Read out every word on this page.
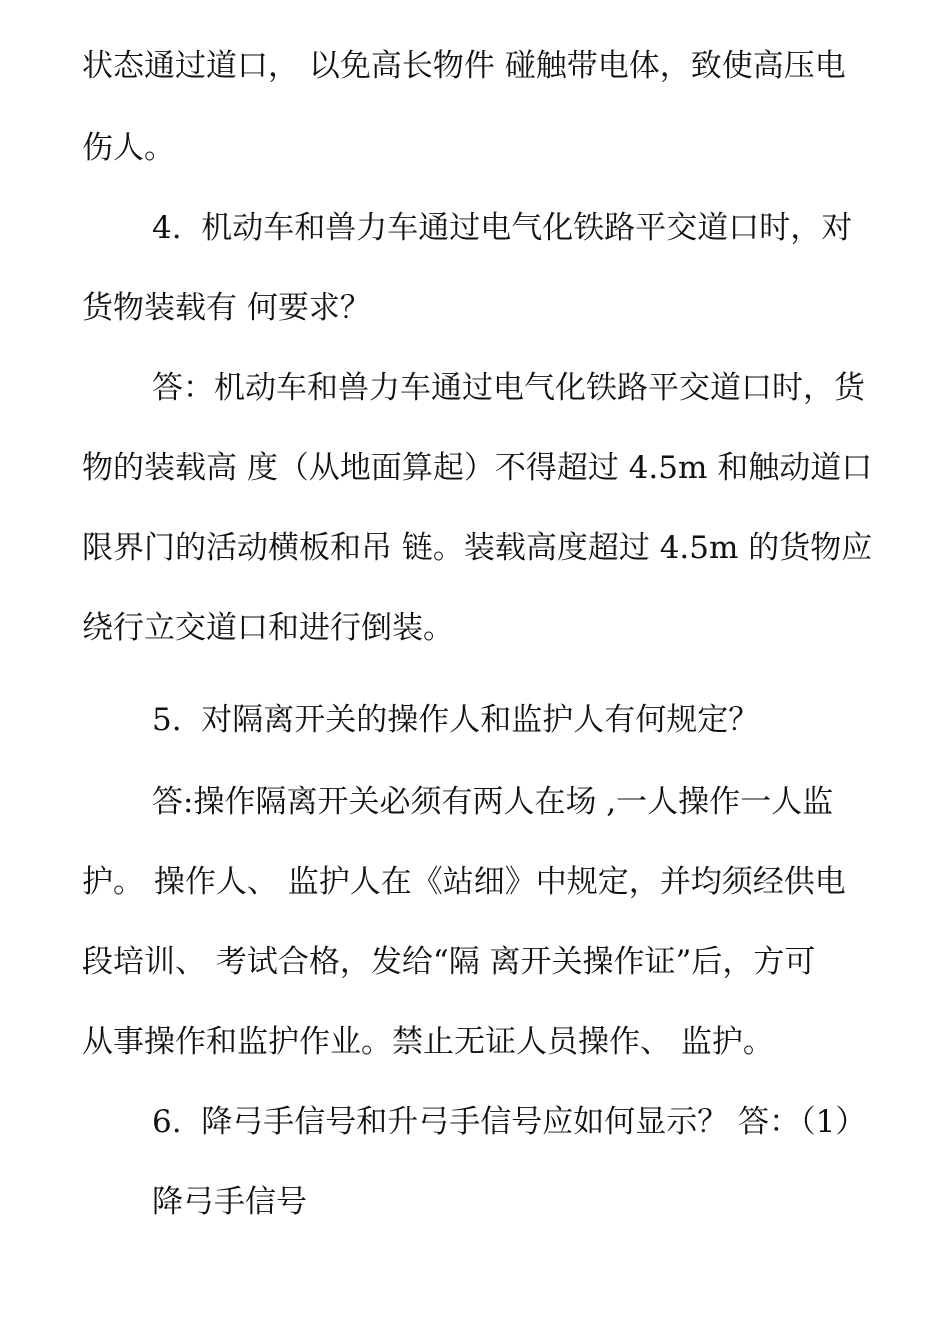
状态通过道口， 以免高长物件 碰触带电体，致使高压电
伤人。
4.  机动车和兽力车通过电气化铁路平交道口时，对
货物装载有 何要求？
答：机动车和兽力车通过电气化铁路平交道口时，货
物的装载高 度（从地面算起）不得超过 4.5m 和触动道口
限界门的活动横板和吊 链。装载高度超过 4.5m 的货物应
绕行立交道口和进行倒装。
5.  对隔离开关的操作人和监护人有何规定？
答:操作隔离开关必须有两人在场 ,一人操作一人监
护。 操作人、 监护人在《站细》中规定，并均须经供电
段培训、 考试合格，发给“隔 离开关操作证”后，方可
从事操作和监护作业。禁止无证人员操作、 监护。
6.  降弓手信号和升弓手信号应如何显示？ 答：（1）
降弓手信号
